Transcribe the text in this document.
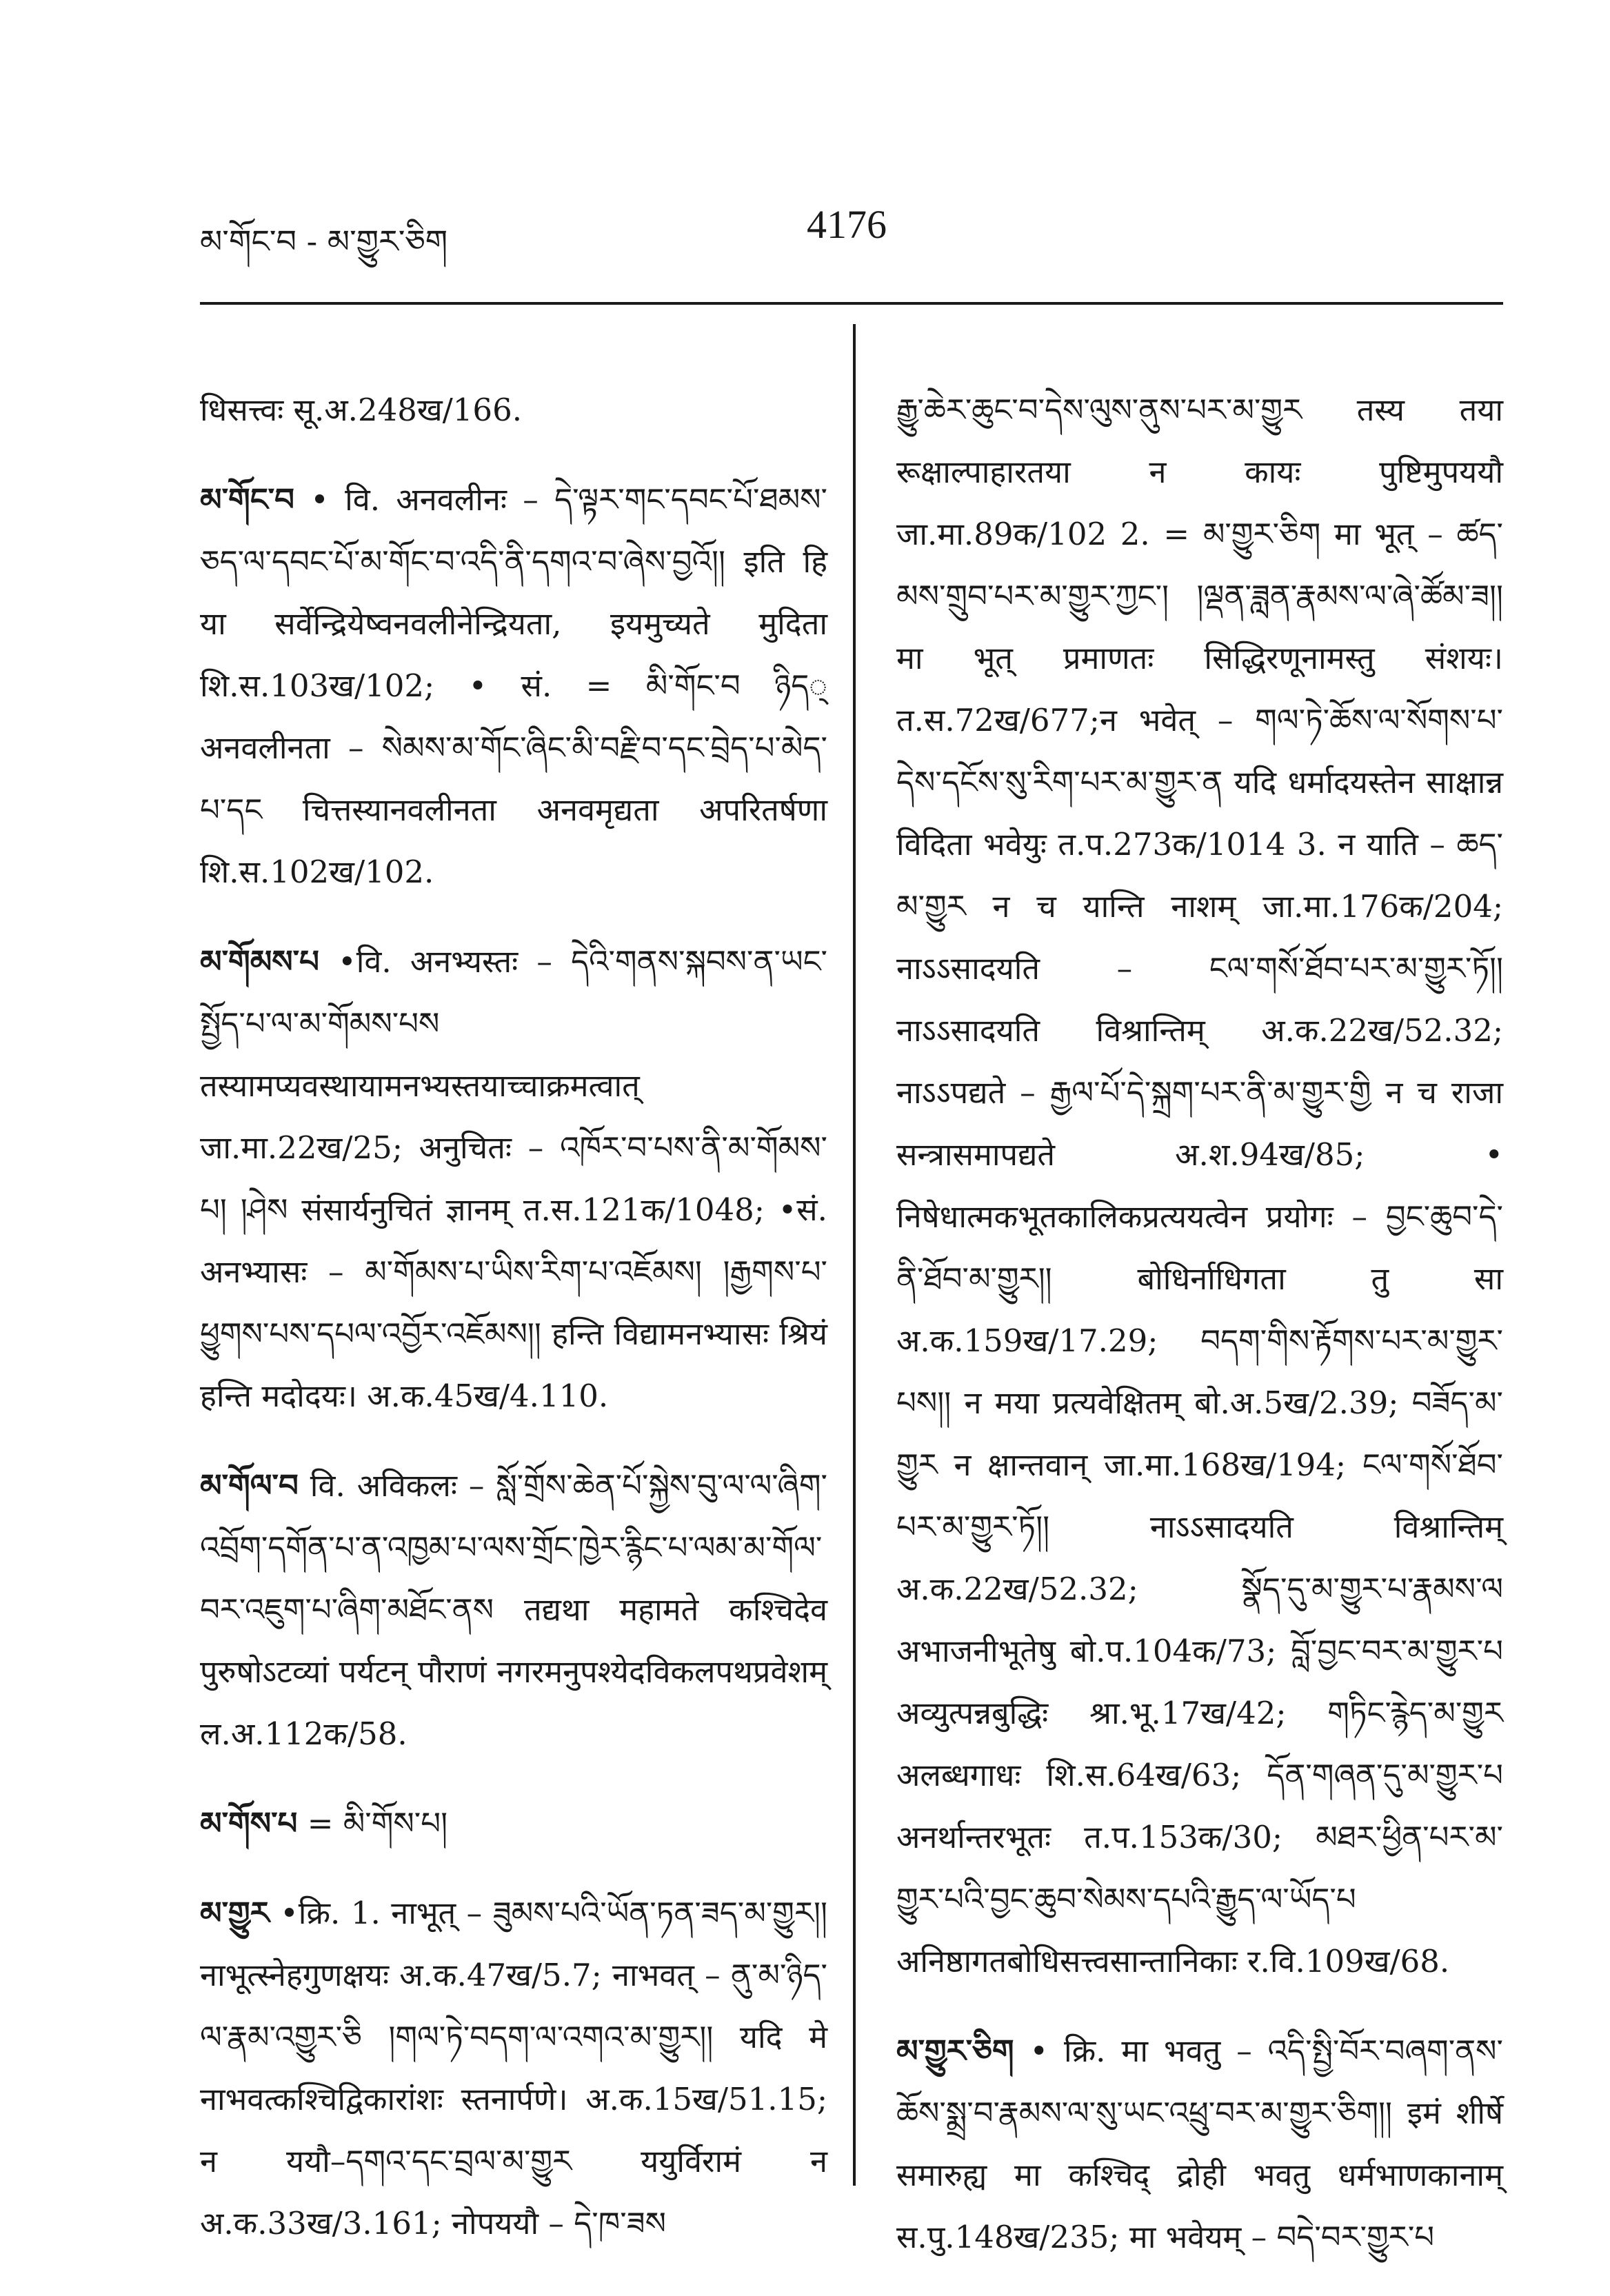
མ་གོང་བ - མ་གྱུར་ཅིག	4176

धिसत्त्वः सू.अ.248ख/166.

མ་གོང་བ • वि. अनवलीनः – དེ་ལྟར་གང་དབང་པོ་ཐམས་ཅད་ལ་དབང་པོ་མ་གོང་བ་འདི་ནི་དགའ་བ་ཞེས་བྱའོ།། इति हि या सर्वेन्द्रियेष्वनवलीनेन्द्रियता, इयमुच्यते मुदिता शि.स.103ख/102; • सं. = མི་གོང་བ ཉིད् अनवलीनता – སེམས་མ་གོང་ཞིང་མི་བརྗི་བ་དང་བྲེད་པ་མེད་པ་དང चित्तस्यानवलीनता अनवमृद्यता अपरितर्षणा शि.स.102ख/102.

མ་གོམས་པ •वि. अनभ्यस्तः – དེའི་གནས་སྐབས་ན་ཡང་སྤྱོད་པ་ལ་མ་གོམས་པས तस्यामप्यवस्थायामनभ्यस्तयाच्चाक्रमत्वात् जा.मा.22ख/25; अनुचितः – འཁོར་བ་པས་ནི་མ་གོམས་པ། །ཤེས संसार्यनुचितं ज्ञानम् त.स.121क/1048; •सं. अनभ्यासः – མ་གོམས་པ་ཡིས་རིག་པ་འཇོམས། །རྒྱགས་པ་ཕྱུགས་པས་དཔལ་འབྱོར་འཇོམས།། हन्ति विद्यामनभ्यासः श्रियं हन्ति मदोदयः। अ.क.45ख/4.110.

མ་གོལ་བ वि. अविकलः – སློ་གྲོས་ཆེན་པོ་སྐྱེས་བུ་ལ་ལ་ཞིག་འབྲོག་དགོན་པ་ན་འཁྱམ་པ་ལས་གྲོང་ཁྱེར་རྙིང་པ་ལམ་མ་གོལ་བར་འཇུག་པ་ཞིག་མཐོང་ནས तद्यथा महामते कश्चिदेव पुरुषोऽटव्यां पर्यटन् पौराणं नगरमनुपश्येदविकलपथप्रवेशम् ल.अ.112क/58.

མ་གོས་པ = མི་གོས་པ།

མ་གྱུར •क्रि. 1. नाभूत् – ཟུམས་པའི་ཡོན་ཏན་ཟད་མ་གྱུར།། नाभूत्स्नेहगुणक्षयः अ.क.47ख/5.7; नाभवत् – ནུ་མ་ཉིད་ལ་རྣམ་འགྱུར་ཅི །གལ་ཏེ་བདག་ལ་འགའ་མ་གྱུར།། यदि मे नाभवत्कश्चिद्विकारांशः स्तनार्पणे। अ.क.15ख/51.15; न ययौ–དགའ་དང་བྲལ་མ་གྱུར ययुर्विरामं न अ.क.33ख/3.161; नोपययौ – དེ་ཁ་ཟས

རྒྱུ་ཆེར་ཆུང་བ་དེས་ལུས་ནུས་པར་མ་གྱུར तस्य तया रूक्षाल्पाहारतया न कायः पुष्टिमुपययौ जा.मा.89क/102 2. = མ་གྱུར་ཅིག मा भूत् – ཚད་མས་གྲུབ་པར་མ་གྱུར་ཀྱང་། །ལྡན་ཟླན་རྣམས་ལ་ཞེ་ཚོམ་ཟ།། मा भूत् प्रमाणतः सिद्धिरणूनामस्तु संशयः। त.स.72ख/677;न भवेत् – གལ་ཏེ་ཆོས་ལ་སོགས་པ་དེས་དངོས་སུ་རིག་པར་མ་གྱུར་ན यदि धर्मादयस्तेन साक्षान्न विदिता भवेयुः त.प.273क/1014 3. न याति – ཆད་མ་གྱུར न च यान्ति नाशम् जा.मा.176क/204; नाऽऽसादयति – ངལ་གསོ་ཐོབ་པར་མ་གྱུར་ཏོ།། नाऽऽसादयति विश्रान्तिम् अ.क.22ख/52.32; नाऽऽपद्यते – རྒྱལ་པོ་དེ་སྐྲག་པར་ནི་མ་གྱུར་གྱི न च राजा सन्त्रासमापद्यते अ.श.94ख/85; • निषेधात्मकभूतकालिकप्रत्ययत्वेन प्रयोगः – བྱང་ཆུབ་དེ་ནི་ཐོབ་མ་གྱུར།། बोधिर्नाधिगता तु सा अ.क.159ख/17.29; བདག་གིས་རྟོགས་པར་མ་གྱུར་པས།། न मया प्रत्यवेक्षितम् बो.अ.5ख/2.39; བཟོད་མ་གྱུར न क्षान्तवान् जा.मा.168ख/194; ངལ་གསོ་ཐོབ་པར་མ་གྱུར་ཏོ།། नाऽऽसादयति विश्रान्तिम् अ.क.22ख/52.32; སྣོད་དུ་མ་གྱུར་པ་རྣམས་ལ अभाजनीभूतेषु बो.प.104क/73; བློ་བྱང་བར་མ་གྱུར་པ अव्युत्पन्नबुद्धिः श्रा.भू.17ख/42; གཏིང་རྙེད་མ་གྱུར अलब्धगाधः शि.स.64ख/63; དོན་གཞན་དུ་མ་གྱུར་པ अनर्थान्तरभूतः त.प.153क/30; མཐར་ཕྱིན་པར་མ་གྱུར་པའི་བྱང་ཆུབ་སེམས་དཔའི་རྒྱུད་ལ་ཡོད་པ अनिष्ठागतबोधिसत्त्वसान्तानिकाः र.वि.109ख/68.

མ་གྱུར་ཅིག • क्रि. मा भवतु – འདི་སྤྱི་བོར་བཞག་ནས་ཆོས་སྨྲ་བ་རྣམས་ལ་སུ་ཡང་འཕྲུ་བར་མ་གྱུར་ཅིག།། इमं शीर्षे समारुह्य मा कश्चिद् द्रोही भवतु धर्मभाणकानाम् स.पु.148ख/235; मा भवेयम् – བདེ་བར་གྱུར་པ
